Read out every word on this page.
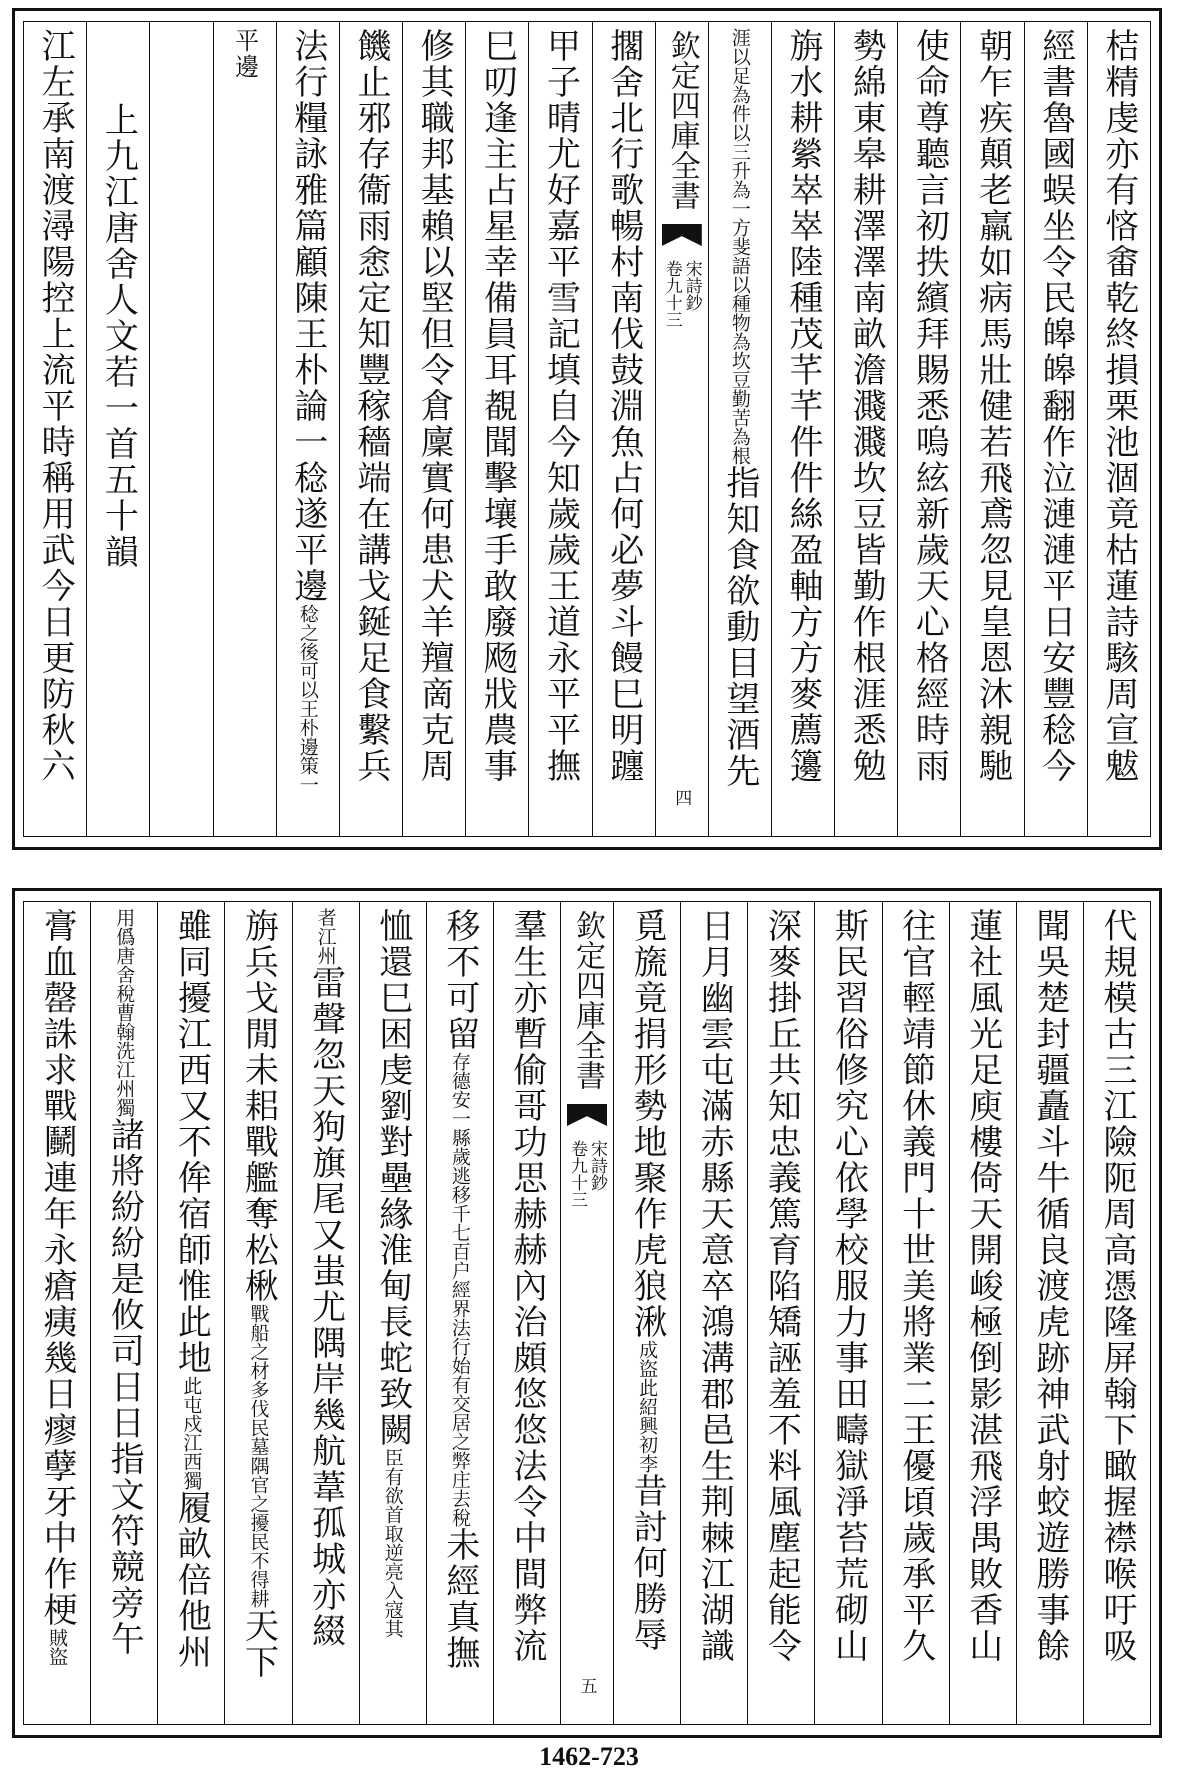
桔精虔亦有悋畬乾終損栗池涸竟枯蓮詩駭周宣魃
經書魯國蜈坐令民皞皞翻作泣漣漣平日安豐稔今
朝乍疾顛老羸如病馬壯健若飛鳶忽見皇恩沐親馳
使命尊聽言初抶繽拜賜悉嗚絃新歲天心格經時雨
勢綿東皋耕澤澤南畝澹濺濺坎豆皆勤作根涯悉勉
旃水耕縈崒崒陸種茂芊芊件件絲盈軸方方麥薦籩
斐語以種物為坎豆勤苦為根
涯以足為件以三升為一方
指知食欲動目望酒先
欽定四庫全書
宋詩鈔
卷九十三
四
擱舍北行歌暢村南伐鼓淵魚占何必夢斗饅巳明躔
甲子晴尤好嘉平雪記填自今知歲歲王道永平平撫
巳叨逢主占星幸備員耳覩聞擊壤手敢廢飏戕農事
修其職邦基賴以堅但令倉廩實何患犬羊羶啇克周
饑止邪存衞雨悆定知豐稼穡端在講戈鋋足食繫兵
法行糧詠雅篇顧陳王朴論一稔遂平邊
王朴邊策一
稔之後可以
平邊
上九江唐舍人文若一首五十韻
江左承南渡潯陽控上流平時稱用武今日更防秋六
代規模古三江險阨周高憑隆屏翰下瞰握襟喉吁吸
聞吳楚封疆矗斗牛循良渡虎跡神武射蛟遊勝事餘
蓮社風光足庾樓倚天開峻極倒影湛飛浮禺敗香山
往官輕靖節休義門十世美將業二王優頃歲承平久
斯民習俗修究心依學校服力事田疇獄淨苔荒砌山
深麥掛丘共知忠義篤育陷矯誣羞不料風塵起能令
日月幽雲屯滿赤縣天意卒鴻溝郡邑生荆棘江湖識
覓旒竟捐形勢地聚作虎狼湫
紹興初李
成盜此
昔討何勝辱
欽定四庫全書
宋詩鈔
卷九十三
五
羣生亦暫偷哥功思赫赫內治頗悠悠法令中間弊流
移不可留
經界法行始有交居之弊庄去稅
存德安一縣歲逃移千七百户
未經真撫
恤還巳困虔劉對壘緣淮甸長蛇致闕
逆亮入寇其
臣有欲首取
江州
者
雷聲忽天狗旗尾又蚩尤隅岸幾航葦孤城亦綴
旃兵戈閒未耜戰艦奪松楸
隅官之擾民不得耕
戰船之材多伐民墓
天下
雖同擾江西又不侔宿師惟此地
江西獨
此屯戍
履畝倍他州
曹翰洗江州獨
用僞唐舍稅
諸將紛紛是攸司日日指文符競旁午
膏血罄誅求戰鬭連年永瘡痍幾日瘳孽牙中作梗
盜
賊
1462-723
